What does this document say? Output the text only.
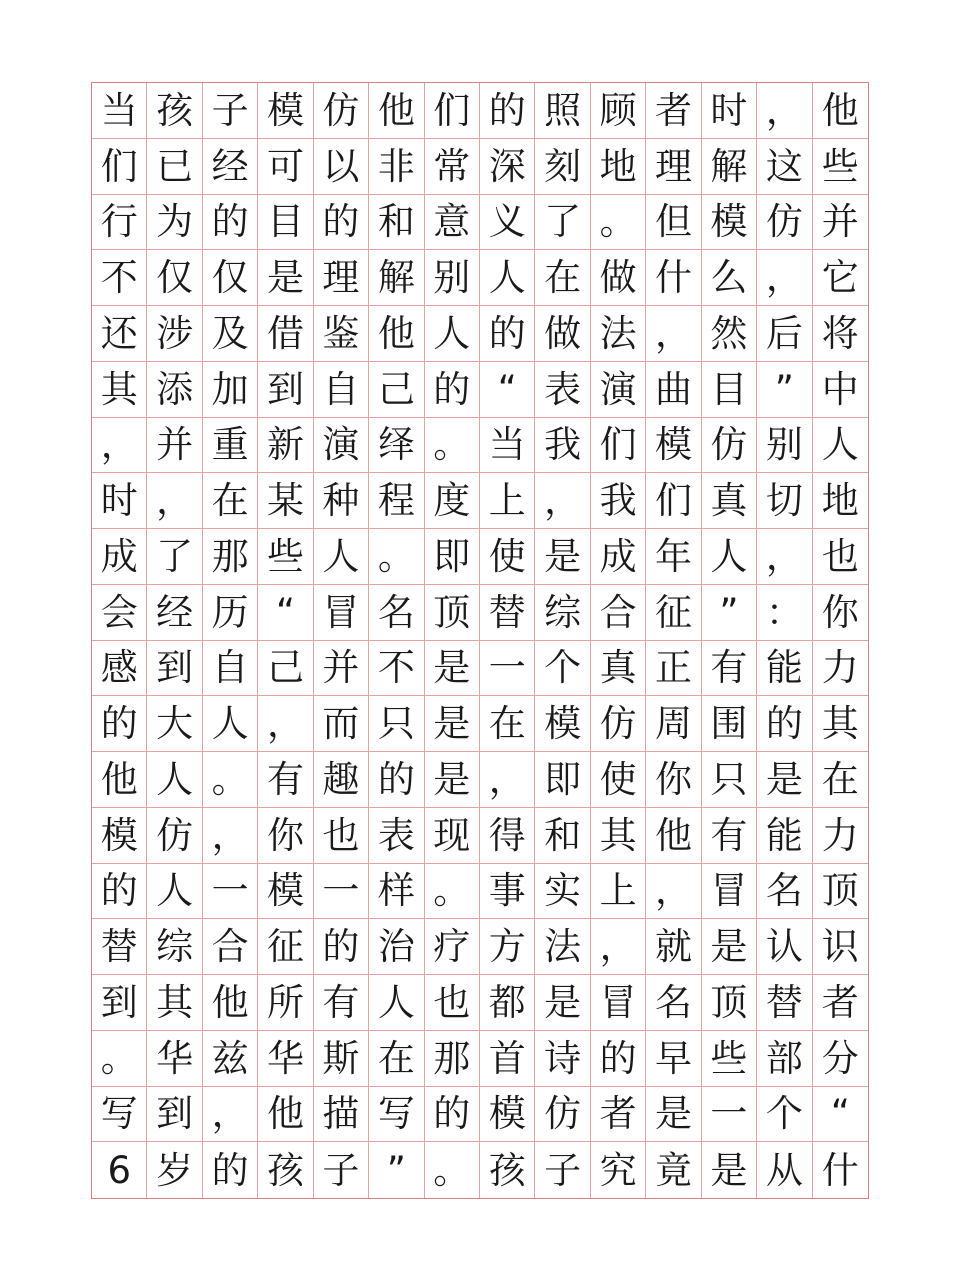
当 孩 子 模 仿 他 们 的 照 顾 者 时 ， 他
们 已 经 可 以 非 常 深 刻 地 理 解 这 些
行 为 的 目 的 和 意 义 了 。 但 模 仿 并
不 仅 仅 是 理 解 别 人 在 做 什 么 ， 它
还 涉 及 借 鉴 他 人 的 做 法 ， 然 后 将
其 添 加 到 自 己 的 “ 表 演 曲 目 ” 中
， 并 重 新 演 绎 。 当 我 们 模 仿 别 人
时 ， 在 某 种 程 度 上 ， 我 们 真 切 地
成 了 那 些 人 。 即 使 是 成 年 人 ， 也
会 经 历 “ 冒 名 顶 替 综 合 征 ” ： 你
感 到 自 己 并 不 是 一 个 真 正 有 能 力
的 大 人 ， 而 只 是 在 模 仿 周 围 的 其
他 人 。 有 趣 的 是 ， 即 使 你 只 是 在
模 仿 ， 你 也 表 现 得 和 其 他 有 能 力
的 人 一 模 一 样 。 事 实 上 ， 冒 名 顶
替 综 合 征 的 治 疗 方 法 ， 就 是 认 识
到 其 他 所 有 人 也 都 是 冒 名 顶 替 者
。 华 兹 华 斯 在 那 首 诗 的 早 些 部 分
写 到 ， 他 描 写 的 模 仿 者 是 一 个 “
6 岁 的 孩 子 ” 。 孩 子 究 竟 是 从 什
